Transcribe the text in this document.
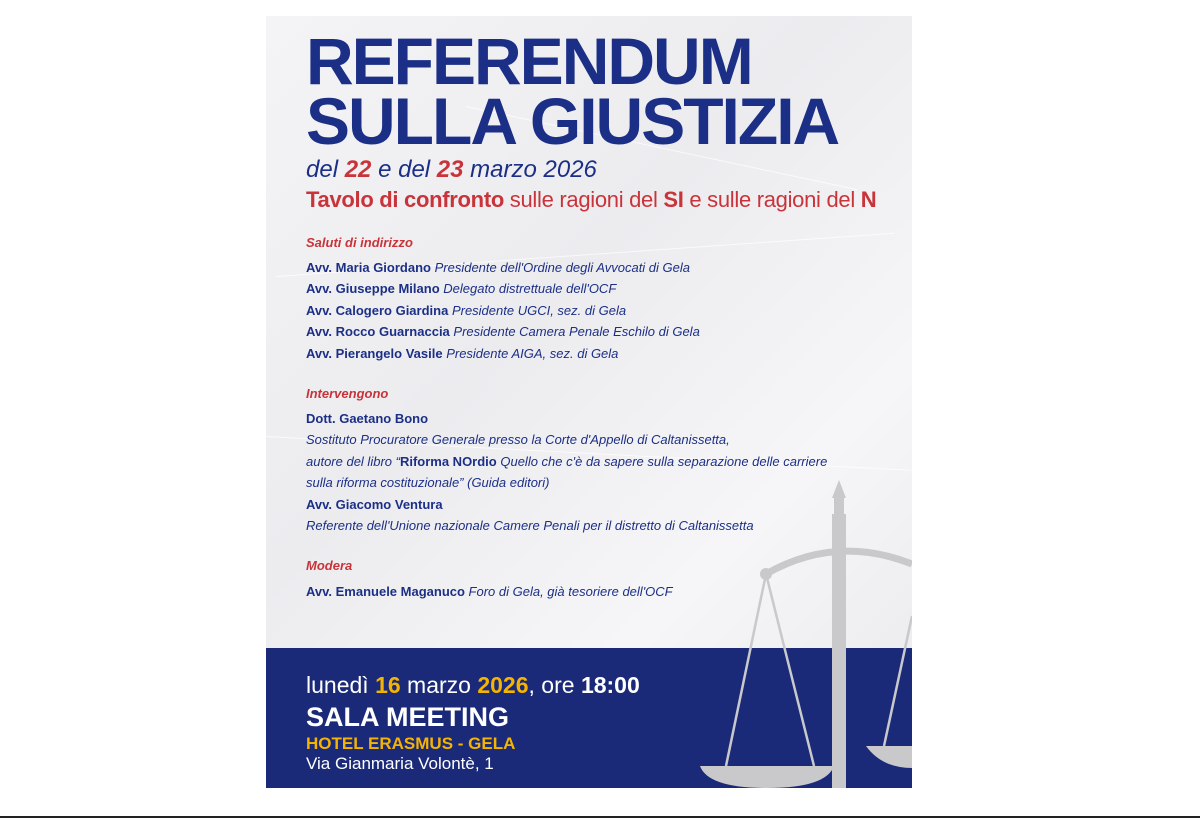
REFERENDUM
SULLA GIUSTIZIA
del 22 e del 23 marzo 2026
Tavolo di confronto sulle ragioni del SI e sulle ragioni del N
Saluti di indirizzo
Avv. Maria Giordano Presidente dell'Ordine degli Avvocati di Gela
Avv. Giuseppe Milano Delegato distrettuale dell'OCF
Avv. Calogero Giardina Presidente UGCI, sez. di Gela
Avv. Rocco Guarnaccia Presidente Camera Penale Eschilo di Gela
Avv. Pierangelo Vasile Presidente AIGA, sez. di Gela
Intervengono
Dott. Gaetano Bono
Sostituto Procuratore Generale presso la Corte d'Appello di Caltanissetta,
autore del libro “Riforma NOrdio Quello che c'è da sapere sulla separazione delle carriere
sulla riforma costituzionale” (Guida editori)
Avv. Giacomo Ventura
Referente dell'Unione nazionale Camere Penali per il distretto di Caltanissetta
Modera
Avv. Emanuele Maganuco Foro di Gela, già tesoriere dell'OCF
lunedì 16 marzo 2026, ore 18:00
SALA MEETING
HOTEL ERASMUS - GELA
Via Gianmaria Volontè, 1
